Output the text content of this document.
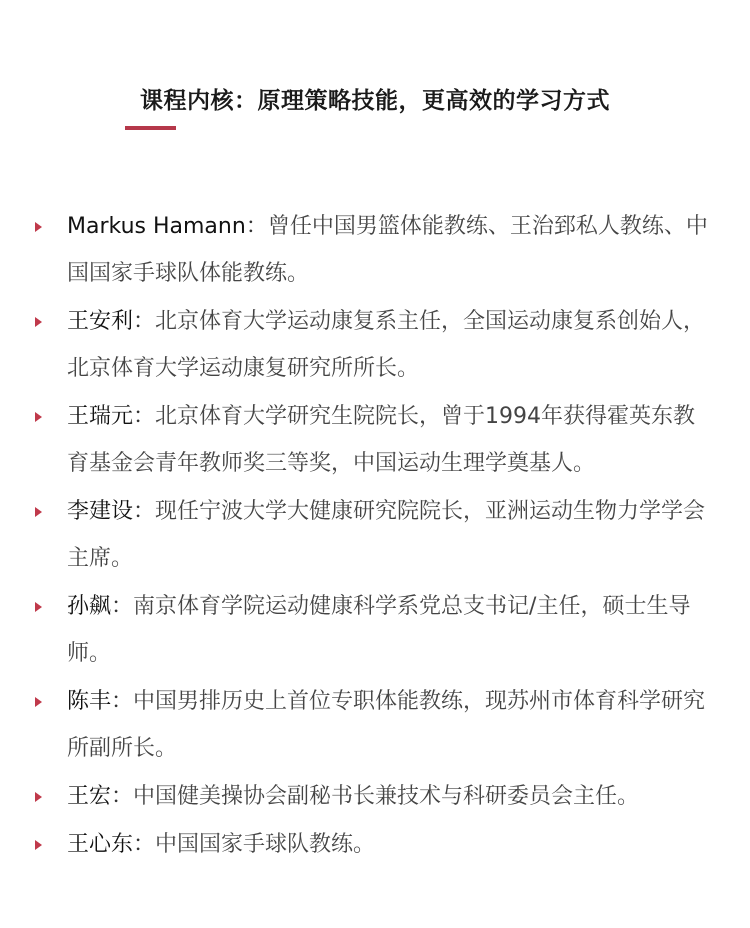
课程内核：原理策略技能，更高效的学习方式
Markus Hamann：曾任中国男篮体能教练、王治郅私人教练、中国国家手球队体能教练。
王安利：北京体育大学运动康复系主任，全国运动康复系创始人，北京体育大学运动康复研究所所长。
王瑞元：北京体育大学研究生院院长，曾于1994年获得霍英东教育基金会青年教师奖三等奖，中国运动生理学奠基人。
李建设：现任宁波大学大健康研究院院长，亚洲运动生物力学学会主席。
孙飙：南京体育学院运动健康科学系党总支书记/主任，硕士生导师。
陈丰：中国男排历史上首位专职体能教练，现苏州市体育科学研究所副所长。
王宏：中国健美操协会副秘书长兼技术与科研委员会主任。
王心东：中国国家手球队教练。
